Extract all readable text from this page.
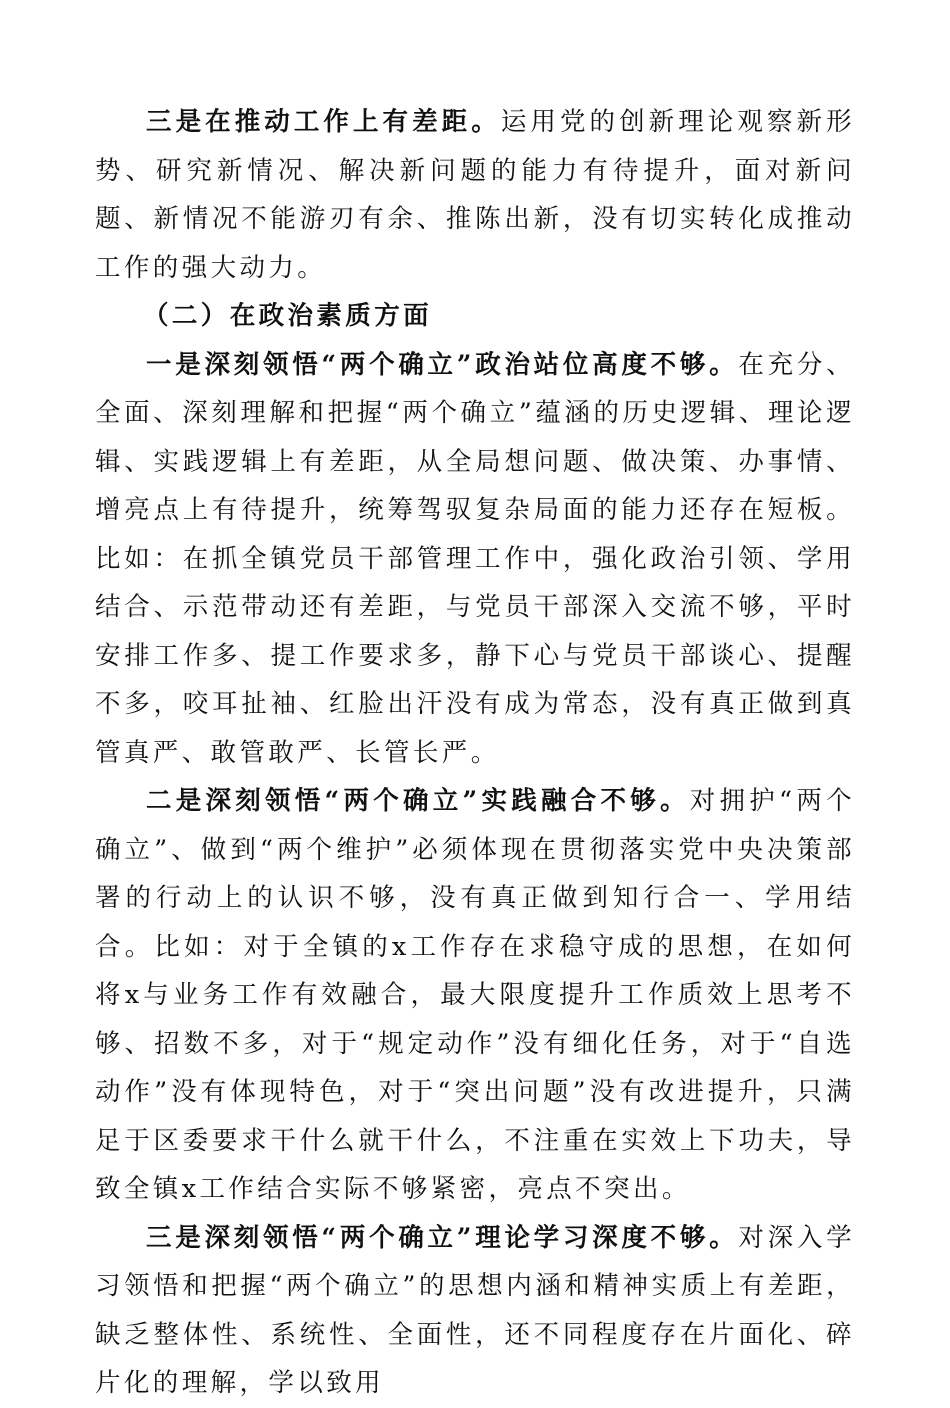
三是在推动工作上有差距。运用党的创新理论观察新形势、研究新情况、解决新问题的能力有待提升，面对新问题、新情况不能游刃有余、推陈出新，没有切实转化成推动工作的强大动力。

（二）在政治素质方面

一是深刻领悟“两个确立”政治站位高度不够。在充分、全面、深刻理解和把握“两个确立”蕴涵的历史逻辑、理论逻辑、实践逻辑上有差距，从全局想问题、做决策、办事情、增亮点上有待提升，统筹驾驭复杂局面的能力还存在短板。比如：在抓全镇党员干部管理工作中，强化政治引领、学用结合、示范带动还有差距，与党员干部深入交流不够，平时安排工作多、提工作要求多，静下心与党员干部谈心、提醒不多，咬耳扯袖、红脸出汗没有成为常态，没有真正做到真管真严、敢管敢严、长管长严。

二是深刻领悟“两个确立”实践融合不够。对拥护“两个确立”、做到“两个维护”必须体现在贯彻落实党中央决策部署的行动上的认识不够，没有真正做到知行合一、学用结合。比如：对于全镇的x工作存在求稳守成的思想，在如何将x与业务工作有效融合，最大限度提升工作质效上思考不够、招数不多，对于“规定动作”没有细化任务，对于“自选动作”没有体现特色，对于“突出问题”没有改进提升，只满足于区委要求干什么就干什么，不注重在实效上下功夫，导致全镇x工作结合实际不够紧密，亮点不突出。

三是深刻领悟“两个确立”理论学习深度不够。对深入学习领悟和把握“两个确立”的思想内涵和精神实质上有差距，缺乏整体性、系统性、全面性，还不同程度存在片面化、碎片化的理解，学以致用
